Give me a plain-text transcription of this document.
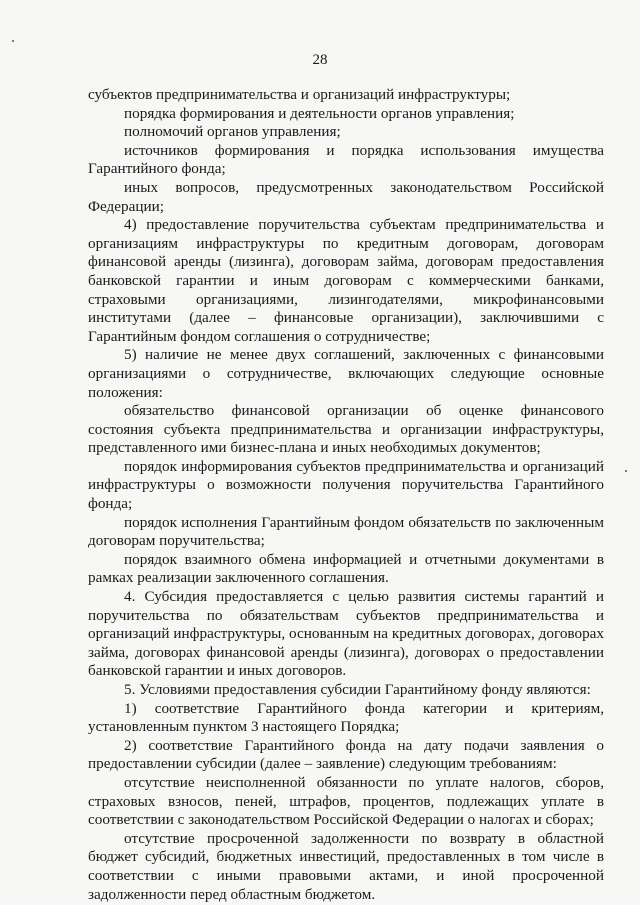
28

субъектов предпринимательства и организаций инфраструктуры;

порядка формирования и деятельности органов управления;

полномочий органов управления;

источников формирования и порядка использования имущества Гарантийного фонда;

иных вопросов, предусмотренных законодательством Российской Федерации;

4) предоставление поручительства субъектам предпринимательства и организациям инфраструктуры по кредитным договорам, договорам финансовой аренды (лизинга), договорам займа, договорам предоставления банковской гарантии и иным договорам с коммерческими банками, страховыми организациями, лизингодателями, микрофинансовыми институтами (далее – финансовые организации), заключившими с Гарантийным фондом соглашения о сотрудничестве;

5) наличие не менее двух соглашений, заключенных с финансовыми организациями о сотрудничестве, включающих следующие основные положения:

обязательство финансовой организации об оценке финансового состояния субъекта предпринимательства и организации инфраструктуры, представленного ими бизнес-плана и иных необходимых документов;

порядок информирования субъектов предпринимательства и организаций инфраструктуры о возможности получения поручительства Гарантийного фонда;

порядок исполнения Гарантийным фондом обязательств по заключенным договорам поручительства;

порядок взаимного обмена информацией и отчетными документами в рамках реализации заключенного соглашения.

4. Субсидия предоставляется с целью развития системы гарантий и поручительства по обязательствам субъектов предпринимательства и организаций инфраструктуры, основанным на кредитных договорах, договорах займа, договорах финансовой аренды (лизинга), договорах о предоставлении банковской гарантии и иных договоров.

5. Условиями предоставления субсидии Гарантийному фонду являются:

1) соответствие Гарантийного фонда категории и критериям, установленным пунктом 3 настоящего Порядка;

2) соответствие Гарантийного фонда на дату подачи заявления о предоставлении субсидии (далее – заявление) следующим требованиям:

отсутствие неисполненной обязанности по уплате налогов, сборов, страховых взносов, пеней, штрафов, процентов, подлежащих уплате в соответствии с законодательством Российской Федерации о налогах и сборах;

отсутствие просроченной задолженности по возврату в областной бюджет субсидий, бюджетных инвестиций, предоставленных в том числе в соответствии с иными правовыми актами, и иной просроченной задолженности перед областным бюджетом.
